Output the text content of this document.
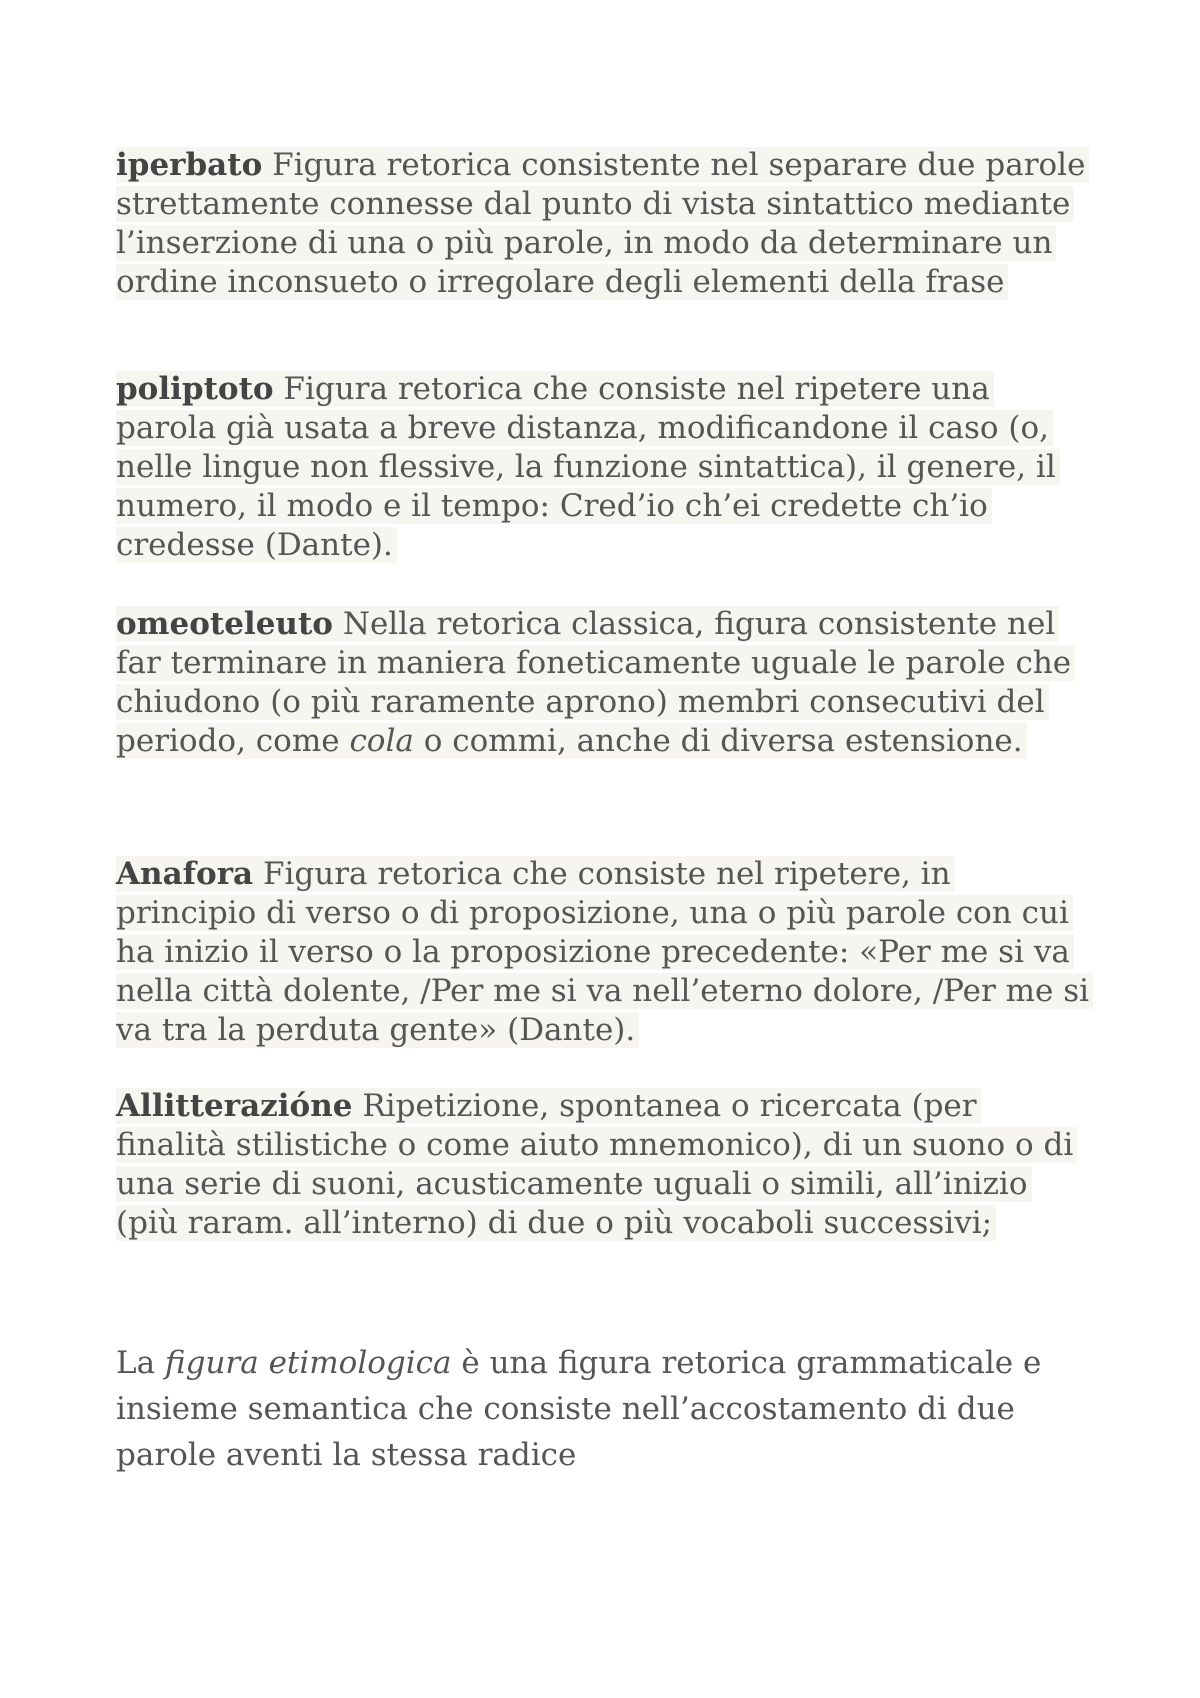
iperbato Figura retorica consistente nel separare due parole strettamente connesse dal punto di vista sintattico mediante l’inserzione di una o più parole, in modo da determinare un ordine inconsueto o irregolare degli elementi della frase

poliptoto Figura retorica che consiste nel ripetere una parola già usata a breve distanza, modificandone il caso (o, nelle lingue non flessive, la funzione sintattica), il genere, il numero, il modo e il tempo: Cred’io ch’ei credette ch’io credesse (Dante).

omeoteleuto Nella retorica classica, figura consistente nel far terminare in maniera foneticamente uguale le parole che chiudono (o più raramente aprono) membri consecutivi del periodo, come cola o commi, anche di diversa estensione.

Anafora Figura retorica che consiste nel ripetere, in principio di verso o di proposizione, una o più parole con cui ha inizio il verso o la proposizione precedente: «Per me si va nella città dolente, /Per me si va nell’eterno dolore, /Per me si va tra la perduta gente» (Dante).

Allitterazióne Ripetizione, spontanea o ricercata (per finalità stilistiche o come aiuto mnemonico), di un suono o di una serie di suoni, acusticamente uguali o simili, all’inizio (più raram. all’interno) di due o più vocaboli successivi;

La figura etimologica è una figura retorica grammaticale e insieme semantica che consiste nell’accostamento di due parole aventi la stessa radice
